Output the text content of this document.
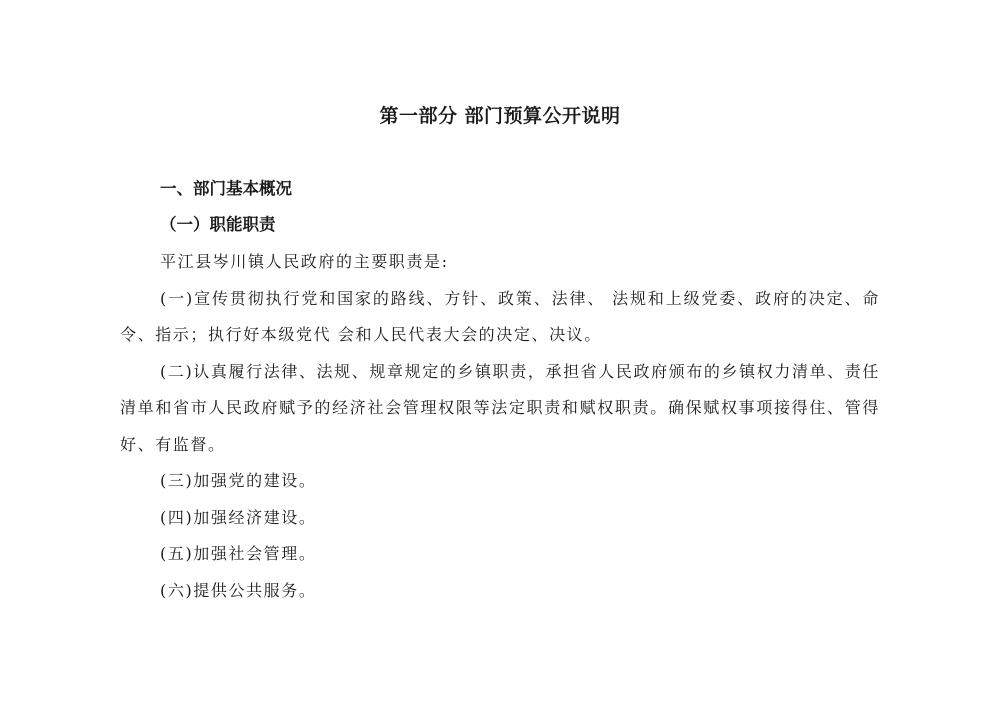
第一部分 部门预算公开说明
一、部门基本概况
（一）职能职责

平江县岑川镇人民政府的主要职责是:

(一)宣传贯彻执行党和国家的路线、方针、政策、法律、 法规和上级党委、政府的决定、命令、指示；执行好本级党代 会和人民代表大会的决定、决议。

(二)认真履行法律、法规、规章规定的乡镇职责，承担省人民政府颁布的乡镇权力清单、责任清单和省市人民政府赋予的经济社会管理权限等法定职责和赋权职责。确保赋权事项接得住、管得好、有监督。

(三)加强党的建设。

(四)加强经济建设。

(五)加强社会管理。

(六)提供公共服务。
